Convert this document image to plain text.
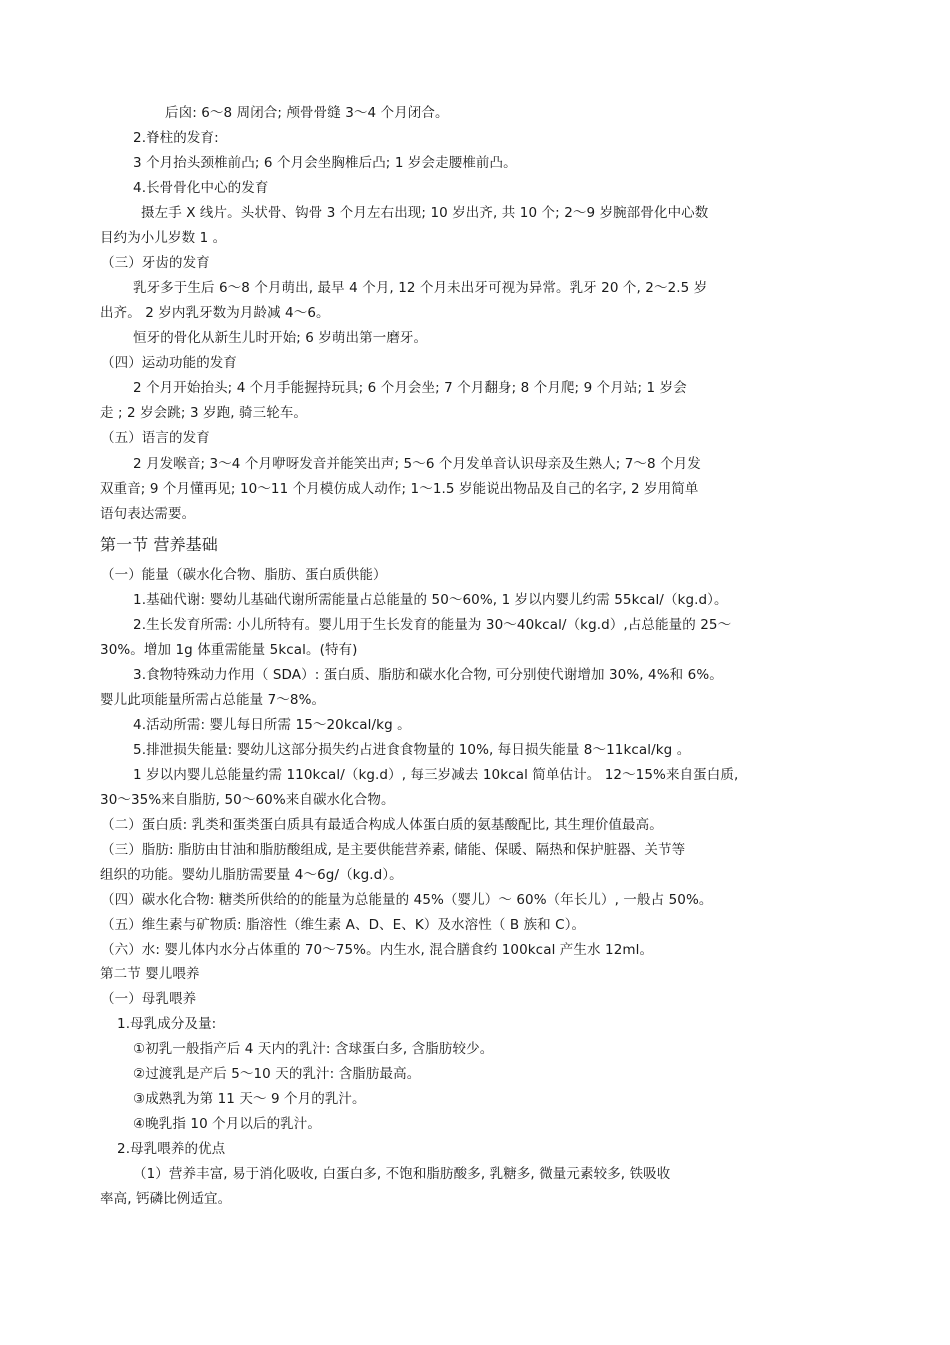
后囟: 6～8 周闭合; 颅骨骨缝 3～4 个月闭合。
2.脊柱的发育:
3 个月抬头颈椎前凸; 6 个月会坐胸椎后凸; 1 岁会走腰椎前凸。
4.长骨骨化中心的发育
摄左手 X 线片。头状骨、钩骨 3 个月左右出现; 10 岁出齐, 共 10 个; 2～9 岁腕部骨化中心数
目约为小儿岁数 1 。
（三）牙齿的发育
乳牙多于生后 6～8 个月萌出, 最早 4 个月, 12 个月未出牙可视为异常。乳牙 20 个, 2～2.5 岁
出齐。 2 岁内乳牙数为月龄减 4～6。
恒牙的骨化从新生儿时开始; 6 岁萌出第一磨牙。
（四）运动功能的发育
2 个月开始抬头; 4 个月手能握持玩具; 6 个月会坐; 7 个月翻身; 8 个月爬; 9 个月站; 1 岁会
走 ; 2 岁会跳; 3 岁跑, 骑三轮车。
（五）语言的发育
2 月发喉音; 3～4 个月咿呀发音并能笑出声; 5～6 个月发单音认识母亲及生熟人; 7～8 个月发
双重音; 9 个月懂再见; 10～11 个月模仿成人动作; 1～1.5 岁能说出物品及自己的名字, 2 岁用简单
语句表达需要。
第一节 营养基础
（一）能量（碳水化合物、脂肪、蛋白质供能）
1.基础代谢: 婴幼儿基础代谢所需能量占总能量的 50～60%, 1 岁以内婴儿约需 55kcal/（kg.d）。
2.生长发育所需: 小儿所特有。婴儿用于生长发育的能量为 30～40kcal/（kg.d）,占总能量的 25～
30%。增加 1g 体重需能量 5kcal。(特有)
3.食物特殊动力作用（ SDA）: 蛋白质、脂肪和碳水化合物, 可分别使代谢增加 30%, 4%和 6%。
婴儿此项能量所需占总能量 7～8%。
4.活动所需: 婴儿每日所需 15～20kcal/kg 。
5.排泄损失能量: 婴幼儿这部分损失约占进食食物量的 10%, 每日损失能量 8～11kcal/kg 。
1 岁以内婴儿总能量约需 110kcal/（kg.d）, 每三岁减去 10kcal 简单估计。 12～15%来自蛋白质,
30～35%来自脂肪, 50～60%来自碳水化合物。
（二）蛋白质: 乳类和蛋类蛋白质具有最适合构成人体蛋白质的氨基酸配比, 其生理价值最高。
（三）脂肪: 脂肪由甘油和脂肪酸组成, 是主要供能营养素, 储能、保暖、隔热和保护脏器、关节等
组织的功能。婴幼儿脂肪需要量 4～6g/（kg.d）。
（四）碳水化合物: 糖类所供给的的能量为总能量的 45%（婴儿）～ 60%（年长儿）, 一般占 50%。
（五）维生素与矿物质: 脂溶性（维生素 A、D、E、K）及水溶性（ B 族和 C）。
（六）水: 婴儿体内水分占体重的 70～75%。内生水, 混合膳食约 100kcal 产生水 12ml。
第二节 婴儿喂养
（一）母乳喂养
1.母乳成分及量:
①初乳一般指产后 4 天内的乳汁: 含球蛋白多, 含脂肪较少。
②过渡乳是产后 5～10 天的乳汁: 含脂肪最高。
③成熟乳为第 11 天～ 9 个月的乳汁。
④晚乳指 10 个月以后的乳汁。
2.母乳喂养的优点
（1）营养丰富, 易于消化吸收, 白蛋白多, 不饱和脂肪酸多, 乳糖多, 微量元素较多, 铁吸收
率高, 钙磷比例适宜。
